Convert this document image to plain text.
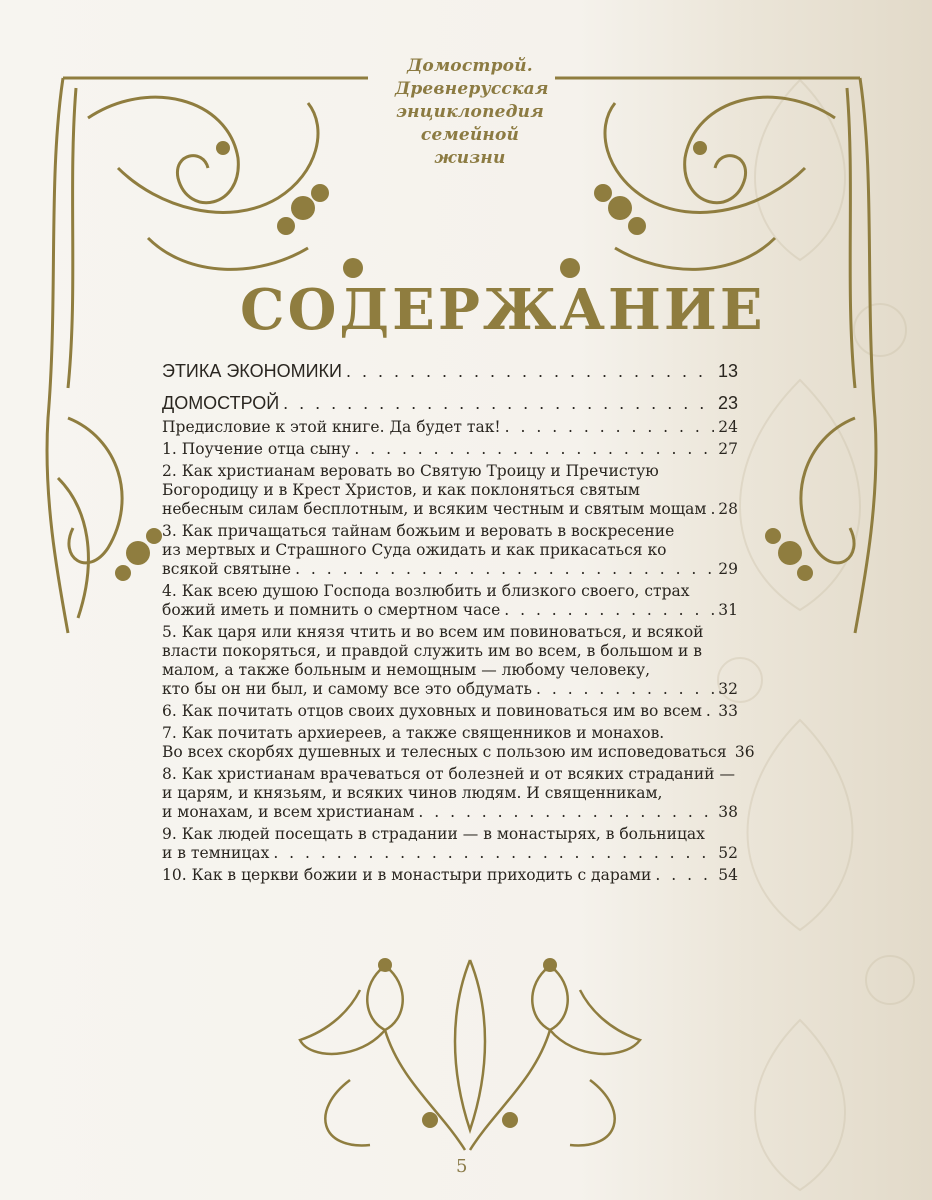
Домострой.
Древнерусская
энциклопедия
семейной
жизни
СОДЕРЖАНИЕ
ЭТИКА ЭКОНОМИКИ . . .	13
ДОМОСТРОЙ . . .	23
Предисловие к этой книге. Да будет так! . . .	24
1. Поучение отца сыну . . .	27
2. Как христианам веровать во Святую Троицу и Пречистую
Богородицу и в Крест Христов, и как поклоняться святым
небесным силам бесплотным, и всяким честным и святым мощам . . . 28
3. Как причащаться тайнам божьим и веровать в воскресение
из мертвых и Страшного Суда ожидать и как прикасаться ко
всякой святыне . . .	29
4. Как всею душою Господа возлюбить и близкого своего, страх
божий иметь и помнить о смертном часе . . .	31
5. Как царя или князя чтить и во всем им повиноваться, и всякой
власти покоряться, и правдой служить им во всем, в большом и в
малом, а также больным и немощным — любому человеку,
кто бы он ни был, и самому все это обдумать . . .	32
6. Как почитать отцов своих духовных и повиноваться им во всем . . . 33
7. Как почитать архиереев, а также священников и монахов.
Во всех скорбях душевных и телесных с пользою им исповедоваться 36
8. Как христианам врачеваться от болезней и от всяких страданий —
и царям, и князьям, и всяких чинов людям. И священникам,
и монахам, и всем христианам . . .	38
9. Как людей посещать в страдании — в монастырях, в больницах
и в темницах . . .	52
10. Как в церкви божии и в монастыри приходить с дарами . . .	54
5
